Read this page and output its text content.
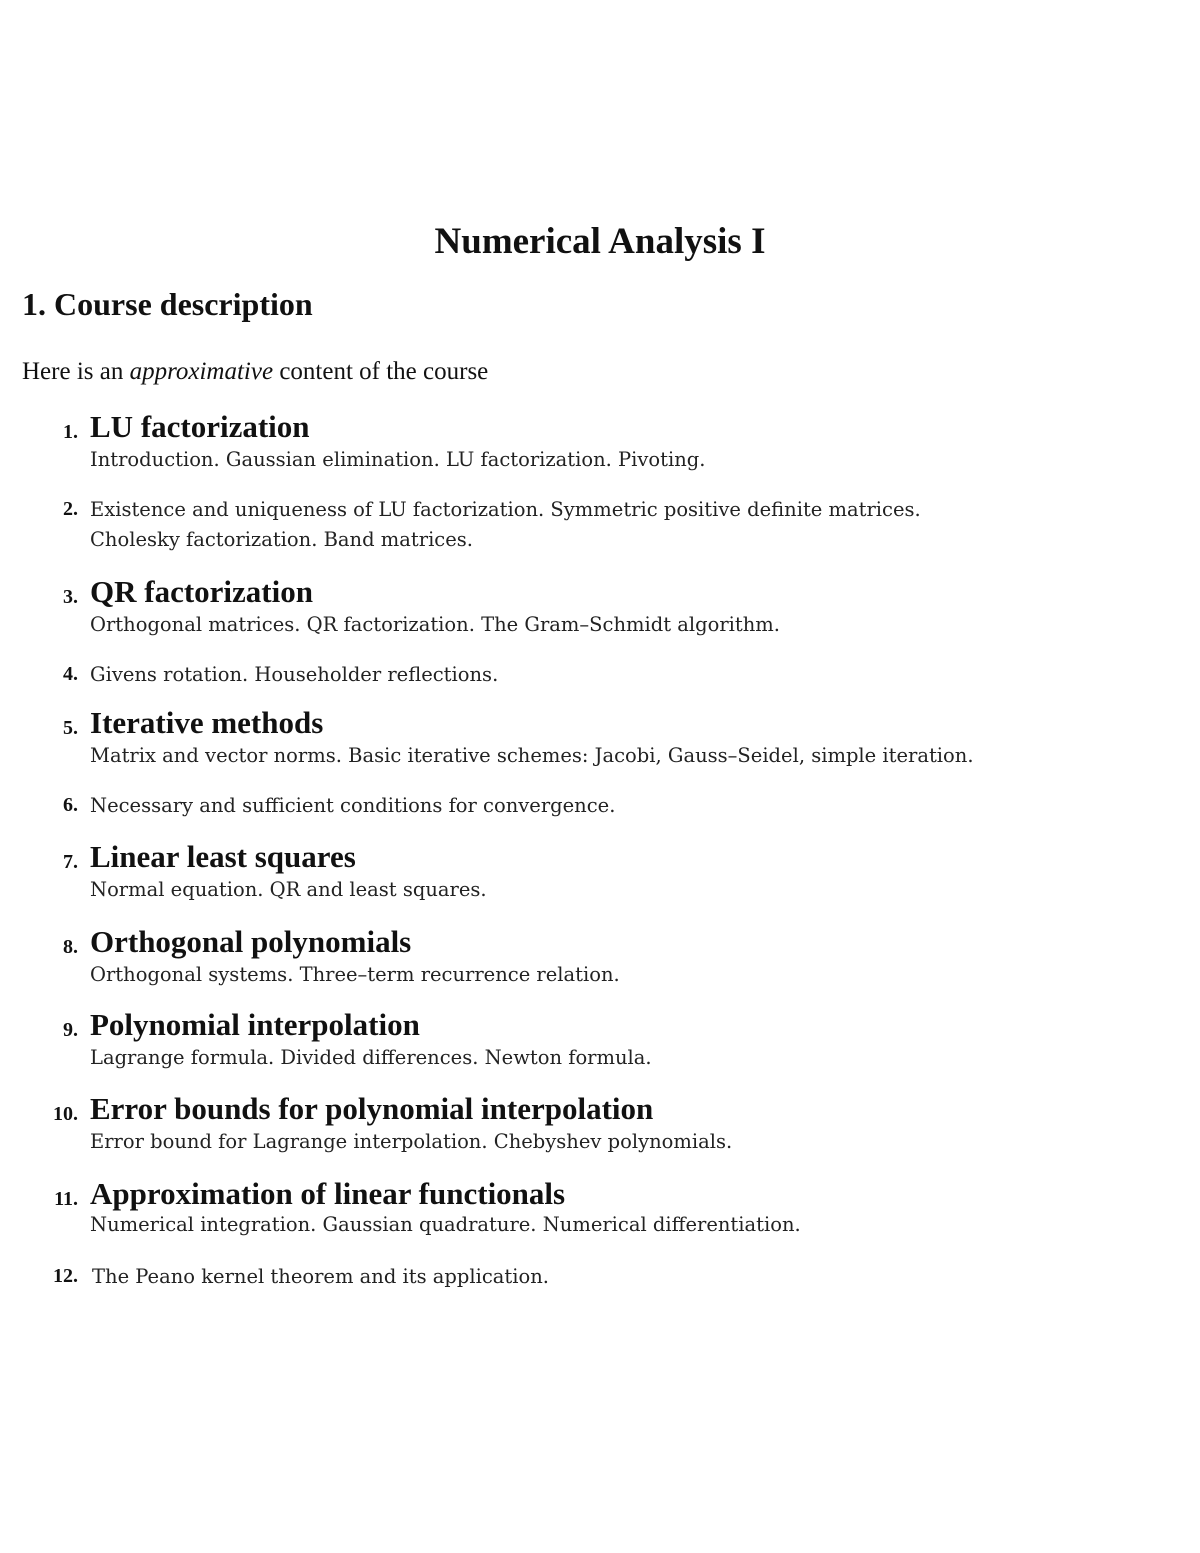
Numerical Analysis I
1. Course description

Here is an approximative content of the course

1. LU factorization
Introduction. Gaussian elimination. LU factorization. Pivoting.
2. Existence and uniqueness of LU factorization. Symmetric positive definite matrices.
Cholesky factorization. Band matrices.
3. QR factorization
Orthogonal matrices. QR factorization. The Gram–Schmidt algorithm.
4. Givens rotation. Householder reflections.
5. Iterative methods
Matrix and vector norms. Basic iterative schemes: Jacobi, Gauss–Seidel, simple iteration.
6. Necessary and sufficient conditions for convergence.
7. Linear least squares
Normal equation. QR and least squares.
8. Orthogonal polynomials
Orthogonal systems. Three–term recurrence relation.
9. Polynomial interpolation
Lagrange formula. Divided differences. Newton formula.
10. Error bounds for polynomial interpolation
Error bound for Lagrange interpolation. Chebyshev polynomials.
11. Approximation of linear functionals
Numerical integration. Gaussian quadrature. Numerical differentiation.
12. The Peano kernel theorem and its application.
